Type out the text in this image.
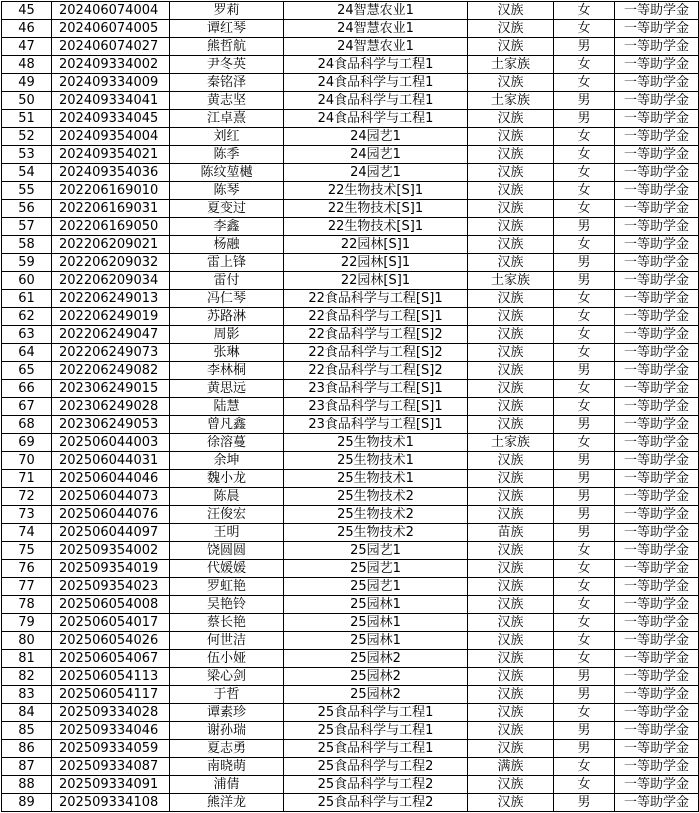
45	202406074004	罗莉	24智慧农业1	汉族	女	一等助学金
46	202406074005	谭红琴	24智慧农业1	汉族	女	一等助学金
47	202406074027	熊哲航	24智慧农业1	汉族	男	一等助学金
48	202409334002	尹冬英	24食品科学与工程1	土家族	女	一等助学金
49	202409334009	秦铭泽	24食品科学与工程1	汉族	女	一等助学金
50	202409334041	黄志坚	24食品科学与工程1	土家族	男	一等助学金
51	202409334045	江卓熹	24食品科学与工程1	汉族	男	一等助学金
52	202409354004	刘红	24园艺1	汉族	女	一等助学金
53	202409354021	陈季	24园艺1	汉族	女	一等助学金
54	202409354036	陈纹堃樾	24园艺1	汉族	女	一等助学金
55	202206169010	陈琴	22生物技术[S]1	汉族	女	一等助学金
56	202206169031	夏变过	22生物技术[S]1	汉族	女	一等助学金
57	202206169050	李鑫	22生物技术[S]1	汉族	男	一等助学金
58	202206209021	杨融	22园林[S]1	汉族	女	一等助学金
59	202206209032	雷上锋	22园林[S]1	汉族	男	一等助学金
60	202206209034	雷付	22园林[S]1	土家族	男	一等助学金
61	202206249013	冯仁琴	22食品科学与工程[S]1	汉族	女	一等助学金
62	202206249019	苏路淋	22食品科学与工程[S]1	汉族	女	一等助学金
63	202206249047	周影	22食品科学与工程[S]2	汉族	女	一等助学金
64	202206249073	张琳	22食品科学与工程[S]2	汉族	女	一等助学金
65	202206249082	李林桐	22食品科学与工程[S]2	汉族	男	一等助学金
66	202306249015	黄思远	23食品科学与工程[S]1	汉族	女	一等助学金
67	202306249028	陆慧	23食品科学与工程[S]1	汉族	女	一等助学金
68	202306249053	曾凡鑫	23食品科学与工程[S]1	汉族	男	一等助学金
69	202506044003	徐溶蔓	25生物技术1	土家族	女	一等助学金
70	202506044031	余坤	25生物技术1	汉族	男	一等助学金
71	202506044046	魏小龙	25生物技术1	汉族	男	一等助学金
72	202506044073	陈晨	25生物技术2	汉族	男	一等助学金
73	202506044076	汪俊宏	25生物技术2	汉族	男	一等助学金
74	202506044097	王明	25生物技术2	苗族	男	一等助学金
75	202509354002	饶圆圆	25园艺1	汉族	女	一等助学金
76	202509354019	代媛媛	25园艺1	汉族	女	一等助学金
77	202509354023	罗虹艳	25园艺1	汉族	女	一等助学金
78	202506054008	吴艳铃	25园林1	汉族	女	一等助学金
79	202506054017	蔡长艳	25园林1	汉族	女	一等助学金
80	202506054026	何世洁	25园林1	汉族	女	一等助学金
81	202506054067	伍小娅	25园林2	汉族	女	一等助学金
82	202506054113	梁心剑	25园林2	汉族	男	一等助学金
83	202506054117	于哲	25园林2	汉族	男	一等助学金
84	202509334028	谭素珍	25食品科学与工程1	汉族	女	一等助学金
85	202509334046	谢孙瑞	25食品科学与工程1	汉族	男	一等助学金
86	202509334059	夏志勇	25食品科学与工程1	汉族	男	一等助学金
87	202509334087	南晓萌	25食品科学与工程2	满族	女	一等助学金
88	202509334091	浦倩	25食品科学与工程2	汉族	女	一等助学金
89	202509334108	熊洋龙	25食品科学与工程2	汉族	男	一等助学金
